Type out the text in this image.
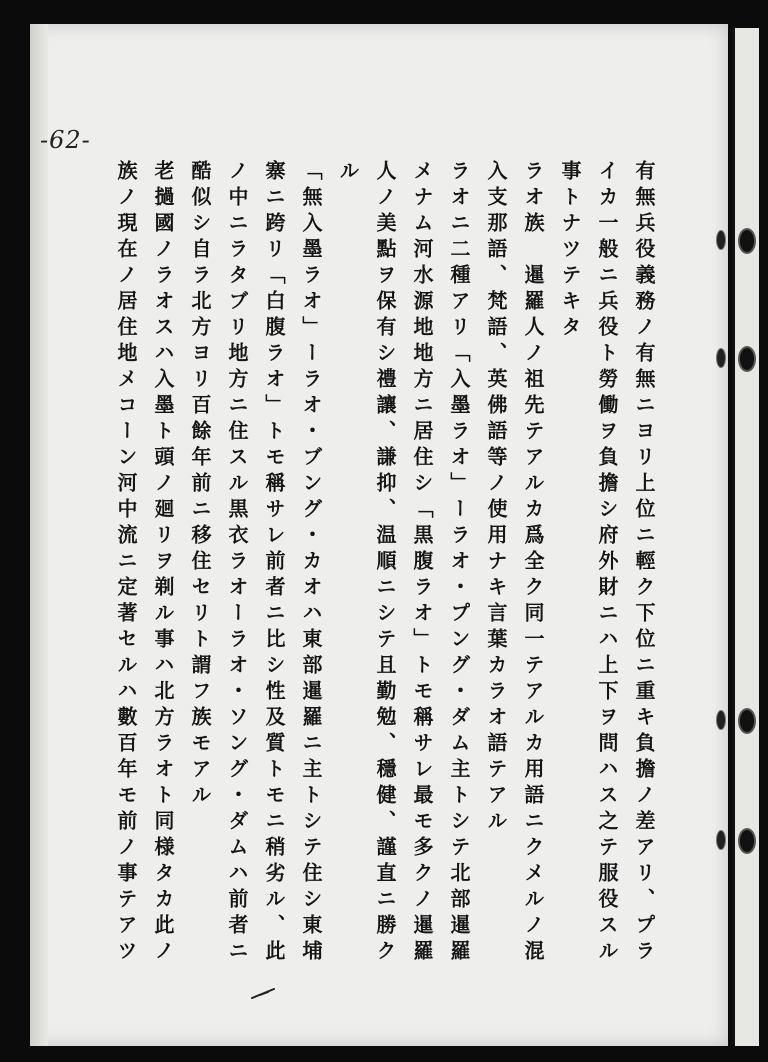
-62-
有無兵役義務ノ有無ニヨリ上位ニ輕ク下位ニ重キ負擔ノ差アリ、プラ
イカ一般ニ兵役ト勞働ヲ負擔シ府外財ニハ上下ヲ問ハス之テ服役スル
事トナツテキタ
ラオ族　暹羅人ノ祖先テアルカ爲全ク同一テアルカ用語ニクメルノ混
入支那語、梵語、英佛語等ノ使用ナキ言葉カラオ語テアル
ラオニ二種アリ「入墨ラオ」ーラオ・プング・ダム主トシテ北部暹羅
メナム河水源地地方ニ居住シ「黒腹ラオ」トモ稱サレ最モ多クノ暹羅
人ノ美點ヲ保有シ禮讓、謙抑、温順ニシテ且勤勉、穩健、謹直ニ勝ク
ル
「無入墨ラオ」ーラオ・ブング・カオハ東部暹羅ニ主トシテ住シ東埔
寨ニ跨リ「白腹ラオ」トモ稱サレ前者ニ比シ性及質トモニ稍劣ル、此
ノ中ニラタブリ地方ニ住スル黒衣ラオーラオ・ソング・ダムハ前者ニ
酷似シ自ラ北方ヨリ百餘年前ニ移住セリト謂フ族モアル
老撾國ノラオスハ入墨ト頭ノ廻リヲ剃ル事ハ北方ラオト同様タカ此ノ
族ノ現在ノ居住地メコーン河中流ニ定著セルハ數百年モ前ノ事テアツ
